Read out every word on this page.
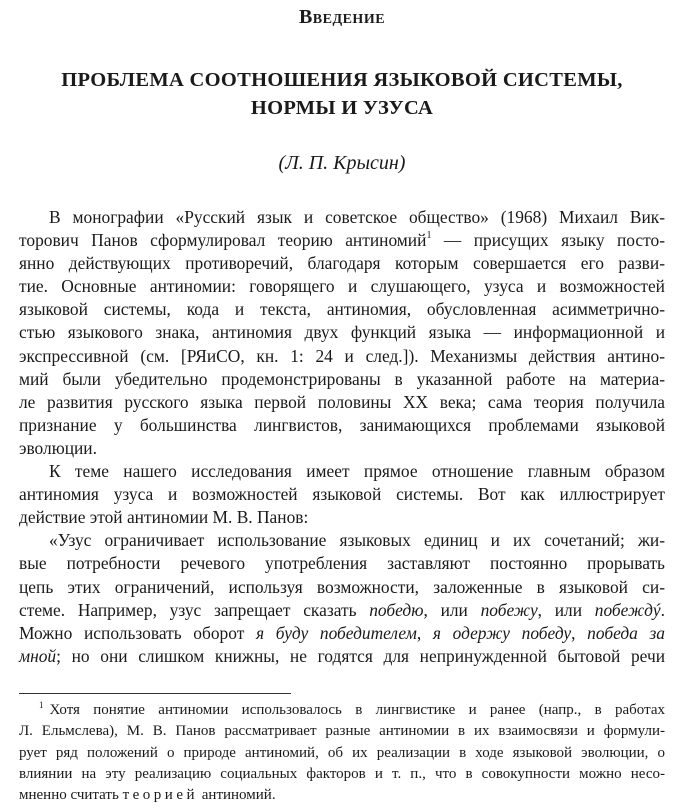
Введение
ПРОБЛЕМА СООТНОШЕНИЯ ЯЗЫКОВОЙ СИСТЕМЫ,
НОРМЫ И УЗУСА
(Л. П. Крысин)
В монографии «Русский язык и советское общество» (1968) Михаил Вик-
торович Панов сформулировал теорию антиномий$^1$ — присущих языку посто-
янно действующих противоречий, благодаря которым совершается его разви-
тие. Основные антиномии: говорящего и слушающего, узуса и возможностей
языковой системы, кода и текста, антиномия, обусловленная асимметрично-
стью языкового знака, антиномия двух функций языка — информационной и
экспрессивной (см. [РЯиСО, кн. 1: 24 и след.]). Механизмы действия антино-
мий были убедительно продемонстрированы в указанной работе на материа-
ле развития русского языка первой половины XX века; сама теория получила
признание у большинства лингвистов, занимающихся проблемами языковой
эволюции.
К теме нашего исследования имеет прямое отношение главным образом
антиномия узуса и возможностей языковой системы. Вот как иллюстрирует
действие этой антиномии М. В. Панов:
«Узус ограничивает использование языковых единиц и их сочетаний; жи-
вые потребности речевого употребления заставляют постоянно прорывать
цепь этих ограничений, используя возможности, заложенные в языковой си-
стеме. Например, узус запрещает сказать победю, или побежу, или побеждý.
Можно использовать оборот я буду победителем, я одержу победу, победа за
мной; но они слишком книжны, не годятся для непринужденной бытовой речи
$^1$ Хотя понятие антиномии использовалось в лингвистике и ранее (напр., в работах
Л. Ельмслева), М. В. Панов рассматривает разные антиномии в их взаимосвязи и формули-
рует ряд положений о природе антиномий, об их реализации в ходе языковой эволюции, о
влиянии на эту реализацию социальных факторов и т. п., что в совокупности можно несо-
мненно считать теорией антиномий.
